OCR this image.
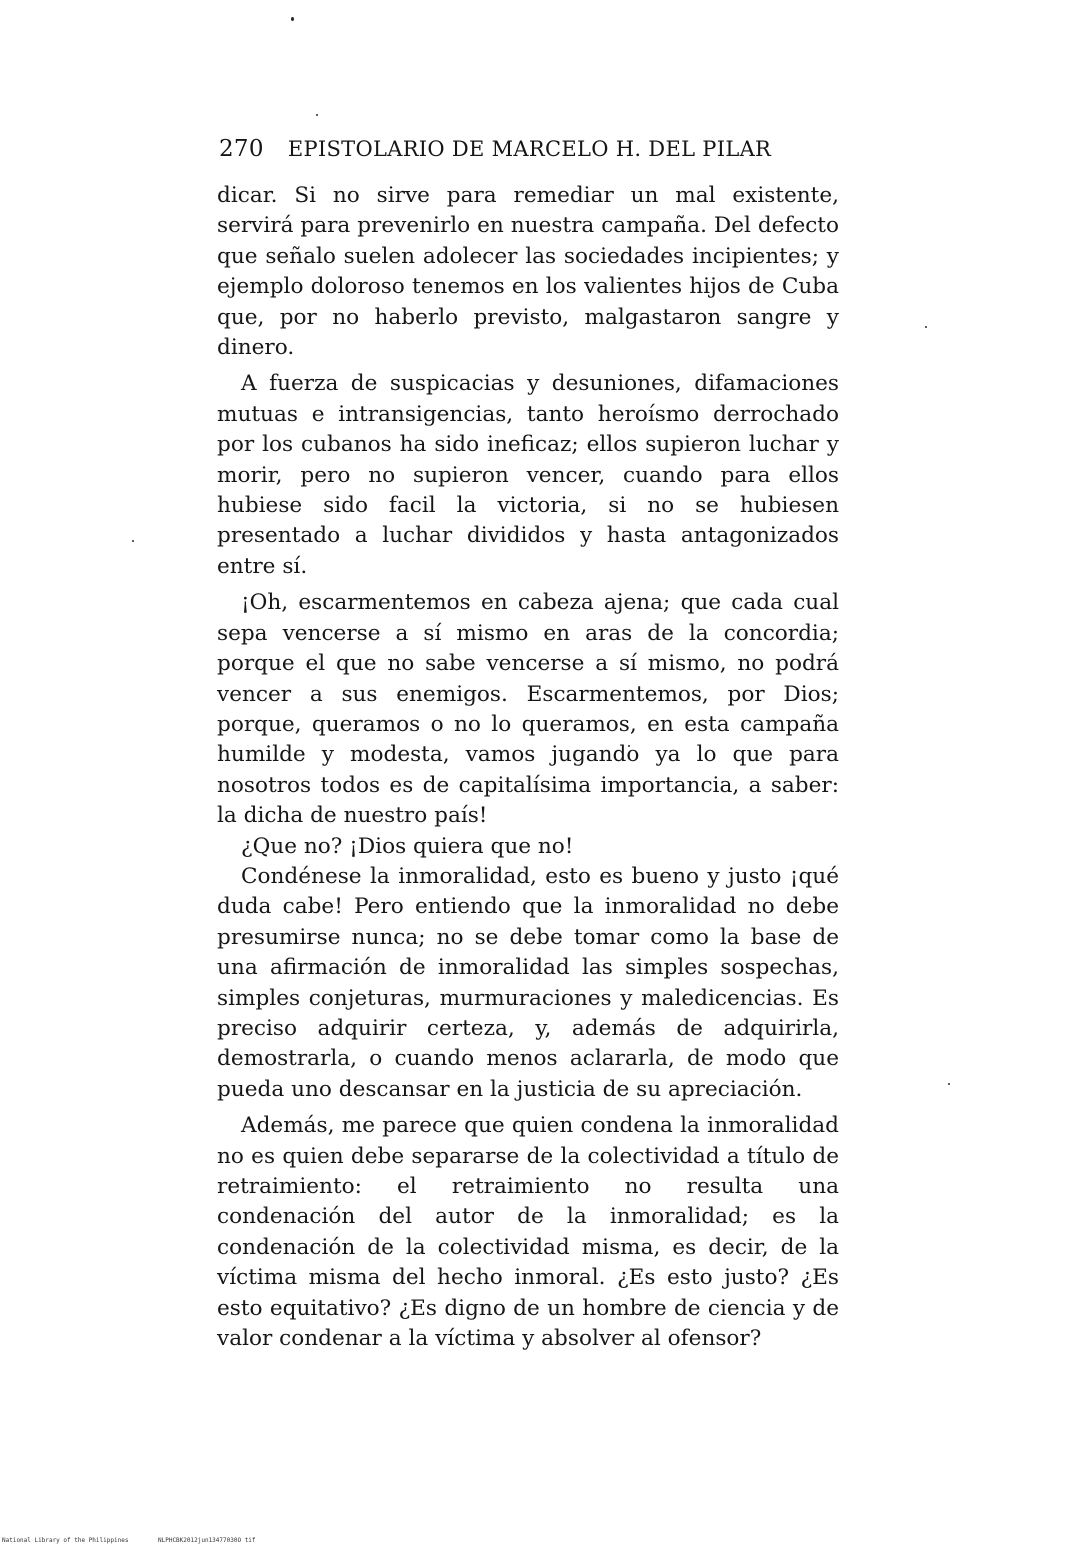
270 EPISTOLARIO DE MARCELO H. DEL PILAR

dicar. Si no sirve para remediar un mal existente, servirá para prevenirlo en nuestra campaña. Del defecto que señalo suelen adolecer las sociedades incipientes; y ejemplo doloroso tenemos en los valientes hijos de Cuba que, por no haberlo previsto, malgastaron sangre y dinero.

A fuerza de suspicacias y desuniones, difamaciones mutuas e intransigencias, tanto heroísmo derrochado por los cubanos ha sido ineficaz; ellos supieron luchar y morir, pero no supieron vencer, cuando para ellos hubiese sido facil la victoria, si no se hubiesen presentado a luchar divididos y hasta antagonizados entre sí.

¡Oh, escarmentemos en cabeza ajena; que cada cual sepa vencerse a sí mismo en aras de la concordia; porque el que no sabe vencerse a sí mismo, no podrá vencer a sus enemigos. Escarmentemos, por Dios; porque, queramos o no lo queramos, en esta campaña humilde y modesta, vamos jugando ya lo que para nosotros todos es de capitalísima importancia, a saber: la dicha de nuestro país!

¿Que no? ¡Dios quiera que no!

Condénese la inmoralidad, esto es bueno y justo ¡qué duda cabe! Pero entiendo que la inmoralidad no debe presumirse nunca; no se debe tomar como la base de una afirmación de inmoralidad las simples sospechas, simples conjeturas, murmuraciones y maledicencias. Es preciso adquirir certeza, y, además de adquirirla, demostrarla, o cuando menos aclararla, de modo que pueda uno descansar en la justicia de su apreciación.

Además, me parece que quien condena la inmoralidad no es quien debe separarse de la colectividad a título de retraimiento: el retraimiento no resulta una condenación del autor de la inmoralidad; es la condenación de la colectividad misma, es decir, de la víctima misma del hecho inmoral. ¿Es esto justo? ¿Es esto equitativo? ¿Es digno de un hombre de ciencia y de valor condenar a la víctima y absolver al ofensor?

National Library of the Philippines	NLPHCBK2012jun13477030O tif
